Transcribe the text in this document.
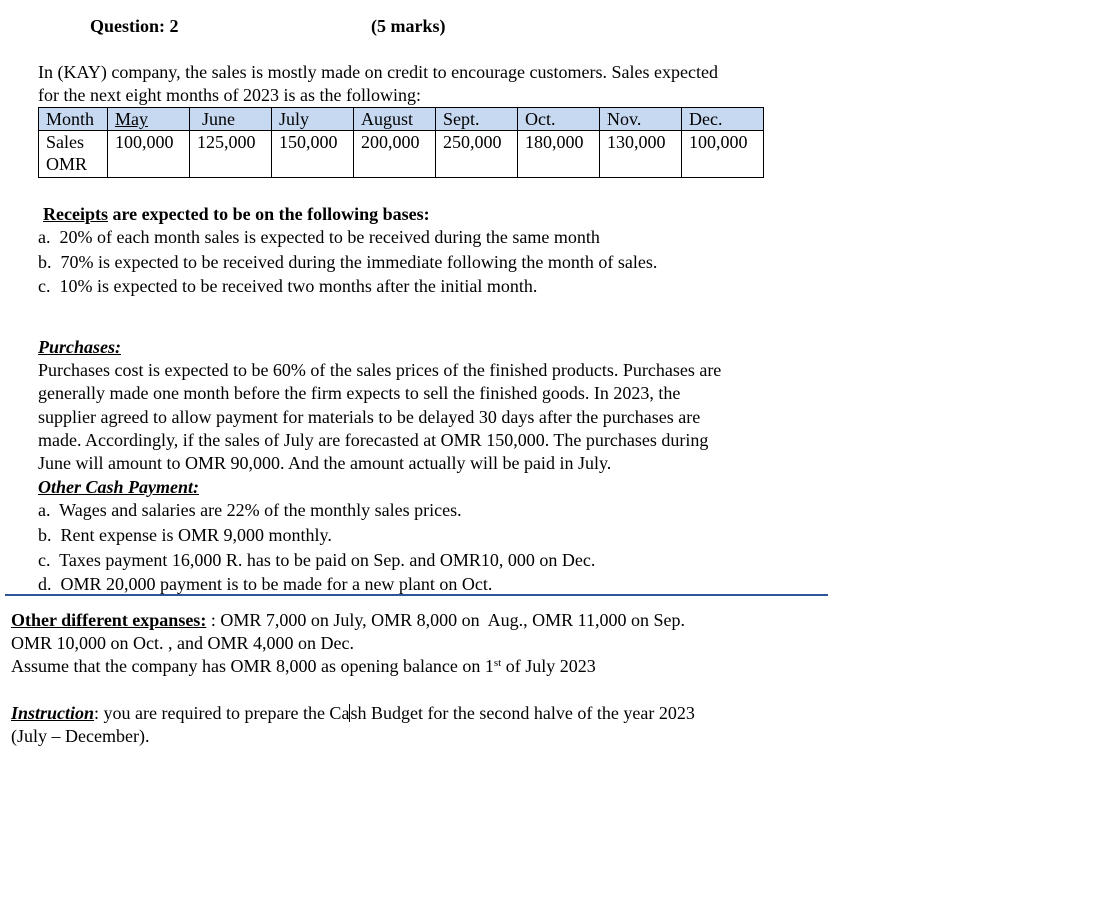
Question: 2	(5 marks)
In (KAY) company, the sales is mostly made on credit to encourage customers. Sales expected
for the next eight months of 2023 is as the following:
Month	May	June	July	August	Sept.	Oct.	Nov.	Dec.
Sales
OMR	100,000	125,000	150,000	200,000	250,000	180,000	130,000	100,000
Receipts are expected to be on the following bases:
a.  20% of each month sales is expected to be received during the same month
b.  70% is expected to be received during the immediate following the month of sales.
c.  10% is expected to be received two months after the initial month.
Purchases:
Purchases cost is expected to be 60% of the sales prices of the finished products. Purchases are
generally made one month before the firm expects to sell the finished goods. In 2023, the
supplier agreed to allow payment for materials to be delayed 30 days after the purchases are
made. Accordingly, if the sales of July are forecasted at OMR 150,000. The purchases during
June will amount to OMR 90,000. And the amount actually will be paid in July.
Other Cash Payment:
a.  Wages and salaries are 22% of the monthly sales prices.
b.  Rent expense is OMR 9,000 monthly.
c.  Taxes payment 16,000 R. has to be paid on Sep. and OMR10, 000 on Dec.
d.  OMR 20,000 payment is to be made for a new plant on Oct.
Other different expanses: : OMR 7,000 on July, OMR 8,000 on  Aug., OMR 11,000 on Sep.
OMR 10,000 on Oct. , and OMR 4,000 on Dec.
Assume that the company has OMR 8,000 as opening balance on 1st of July 2023
Instruction: you are required to prepare the Cash Budget for the second halve of the year 2023
(July – December).
